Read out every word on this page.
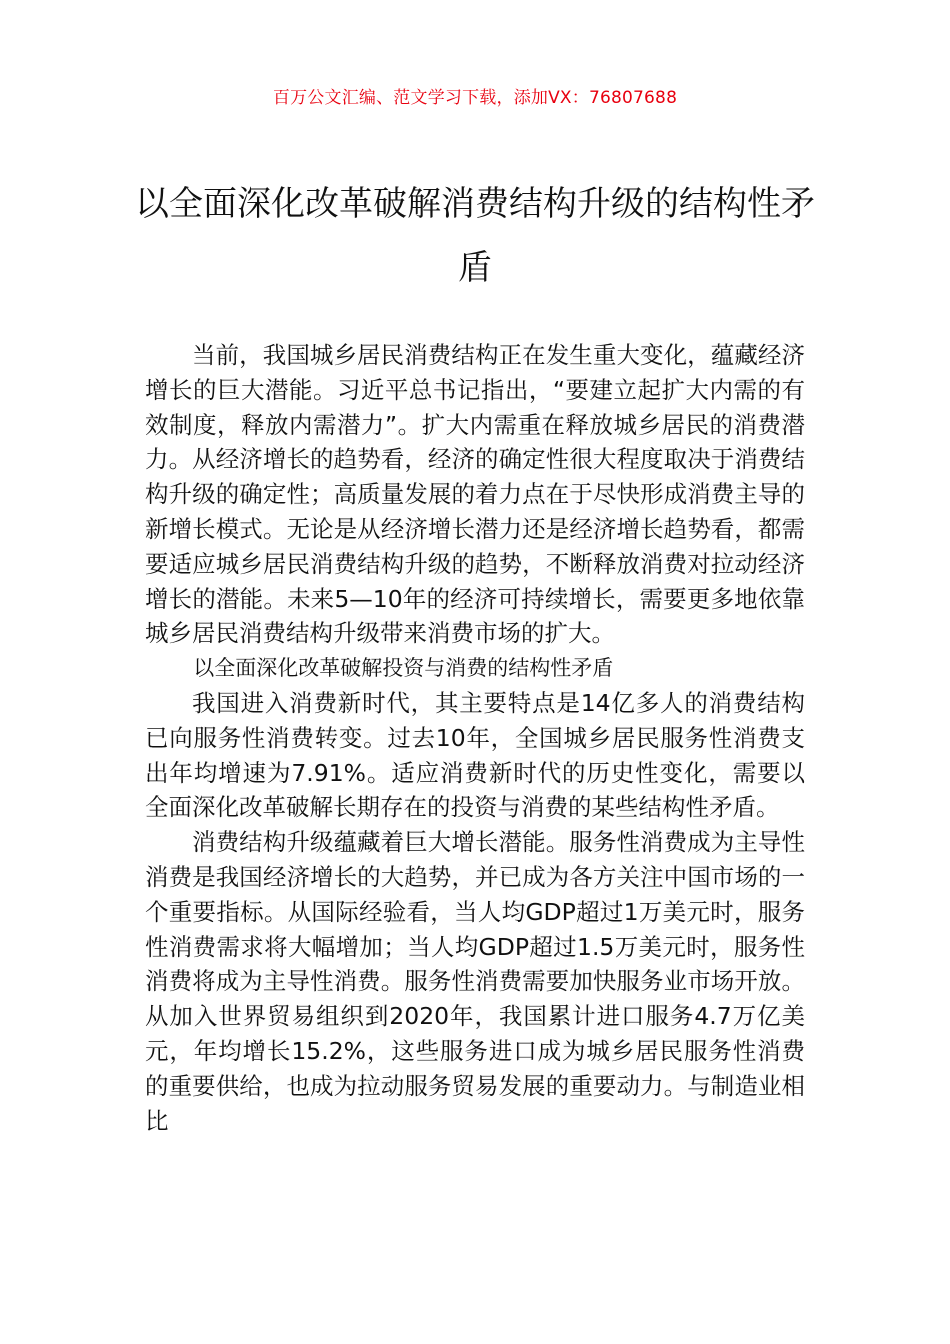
百万公文汇编、范文学习下载，添加VX：76807688
以全面深化改革破解消费结构升级的结构性矛盾

当前，我国城乡居民消费结构正在发生重大变化，蕴藏经济增长的巨大潜能。习近平总书记指出，“要建立起扩大内需的有效制度，释放内需潜力”。扩大内需重在释放城乡居民的消费潜力。从经济增长的趋势看，经济的确定性很大程度取决于消费结构升级的确定性；高质量发展的着力点在于尽快形成消费主导的新增长模式。无论是从经济增长潜力还是经济增长趋势看，都需要适应城乡居民消费结构升级的趋势，不断释放消费对拉动经济增长的潜能。未来5—10年的经济可持续增长，需要更多地依靠城乡居民消费结构升级带来消费市场的扩大。

以全面深化改革破解投资与消费的结构性矛盾

我国进入消费新时代，其主要特点是14亿多人的消费结构已向服务性消费转变。过去10年，全国城乡居民服务性消费支出年均增速为7.91%。适应消费新时代的历史性变化，需要以全面深化改革破解长期存在的投资与消费的某些结构性矛盾。

消费结构升级蕴藏着巨大增长潜能。服务性消费成为主导性消费是我国经济增长的大趋势，并已成为各方关注中国市场的一个重要指标。从国际经验看，当人均GDP超过1万美元时，服务性消费需求将大幅增加；当人均GDP超过1.5万美元时，服务性消费将成为主导性消费。服务性消费需要加快服务业市场开放。从加入世界贸易组织到2020年，我国累计进口服务4.7万亿美元，年均增长15.2%，这些服务进口成为城乡居民服务性消费的重要供给，也成为拉动服务贸易发展的重要动力。与制造业相比
